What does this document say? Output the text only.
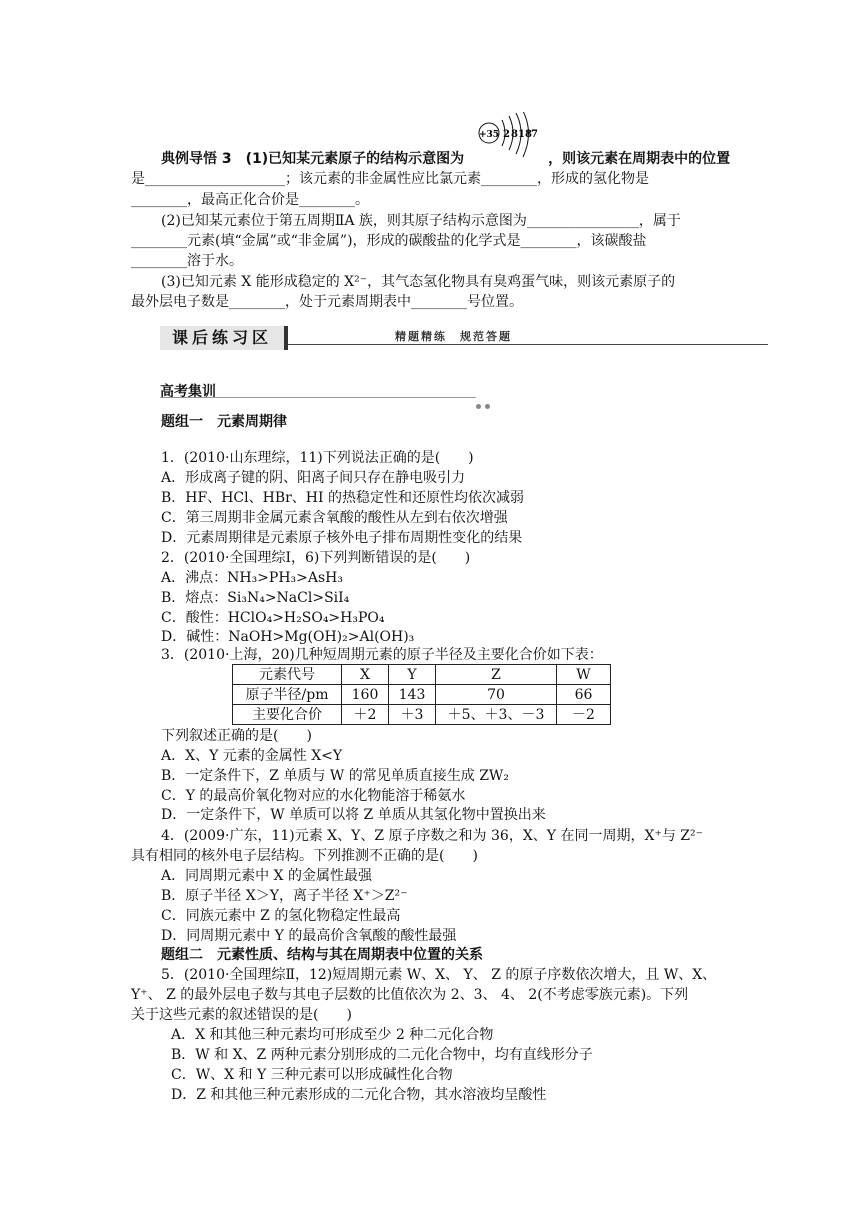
+35 2 8 18 7
典例导悟 3　(1)已知某元素原子的结构示意图为　　　　　　，则该元素在周期表中的位置
是____________________；该元素的非金属性应比氯元素________，形成的氢化物是
________，最高正化合价是________。
(2)已知某元素位于第五周期ⅡA 族，则其原子结构示意图为________________，属于
________元素(填“金属”或“非金属”)，形成的碳酸盐的化学式是________，该碳酸盐
________溶于水。
(3)已知元素 X 能形成稳定的 X²⁻，其气态氢化物具有臭鸡蛋气味，则该元素原子的
最外层电子数是________，处于元素周期表中________号位置。
课后练习区	精题精练　规范答题
高考集训
题组一　元素周期律
1．(2010·山东理综，11)下列说法正确的是(　　)
A．形成离子键的阴、阳离子间只存在静电吸引力
B．HF、HCl、HBr、HI 的热稳定性和还原性均依次减弱
C．第三周期非金属元素含氧酸的酸性从左到右依次增强
D．元素周期律是元素原子核外电子排布周期性变化的结果
2．(2010·全国理综Ⅰ，6)下列判断错误的是(　　)
A．沸点：NH₃>PH₃>AsH₃
B．熔点：Si₃N₄>NaCl>SiI₄
C．酸性：HClO₄>H₂SO₄>H₃PO₄
D．碱性：NaOH>Mg(OH)₂>Al(OH)₃
3．(2010·上海，20)几种短周期元素的原子半径及主要化合价如下表：
元素代号	X	Y	Z	W
原子半径/pm	160	143	70	66
主要化合价	＋2	＋3	＋5、＋3、－3	－2
下列叙述正确的是(　　)
A．X、Y 元素的金属性 X<Y
B．一定条件下，Z 单质与 W 的常见单质直接生成 ZW₂
C．Y 的最高价氧化物对应的水化物能溶于稀氨水
D．一定条件下，W 单质可以将 Z 单质从其氢化物中置换出来
4．(2009·广东，11)元素 X、Y、Z 原子序数之和为 36，X、Y 在同一周期，X⁺与 Z²⁻
具有相同的核外电子层结构。下列推测不正确的是(　　)
A．同周期元素中 X 的金属性最强
B．原子半径 X＞Y，离子半径 X⁺＞Z²⁻
C．同族元素中 Z 的氢化物稳定性最高
D．同周期元素中 Y 的最高价含氧酸的酸性最强
题组二　元素性质、结构与其在周期表中位置的关系
5．(2010·全国理综Ⅱ，12)短周期元素 W、X、 Y、 Z 的原子序数依次增大，且 W、X、
Y⁺、 Z 的最外层电子数与其电子层数的比值依次为 2、3、 4、 2(不考虑零族元素)。下列
关于这些元素的叙述错误的是(　　)
A．X 和其他三种元素均可形成至少 2 种二元化合物
B．W 和 X、Z 两种元素分别形成的二元化合物中，均有直线形分子
C．W、X 和 Y 三种元素可以形成碱性化合物
D．Z 和其他三种元素形成的二元化合物，其水溶液均呈酸性
